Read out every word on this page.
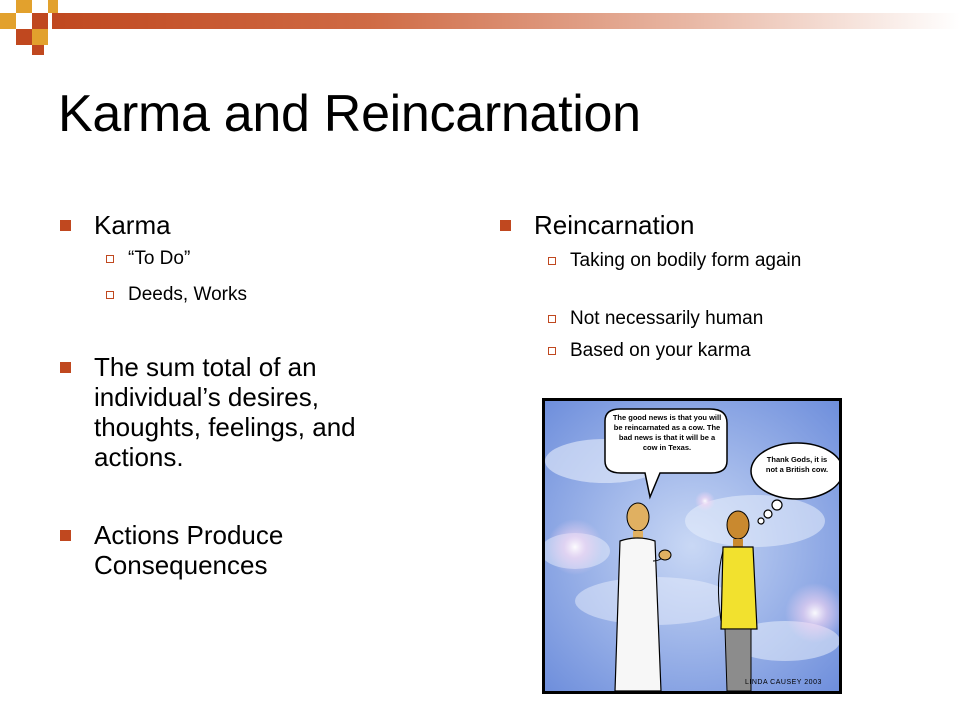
Karma and Reincarnation
Karma
“To Do”
Deeds, Works
The sum total of an individual’s desires, thoughts, feelings, and actions.
Actions Produce Consequences
Reincarnation
Taking on bodily form again
Not necessarily human
Based on your karma
The good news is that you will be reincarnated as a cow. The bad news is that it will be a cow in Texas.
Thank Gods, it is not a British cow.
LINDA CAUSEY 2003
